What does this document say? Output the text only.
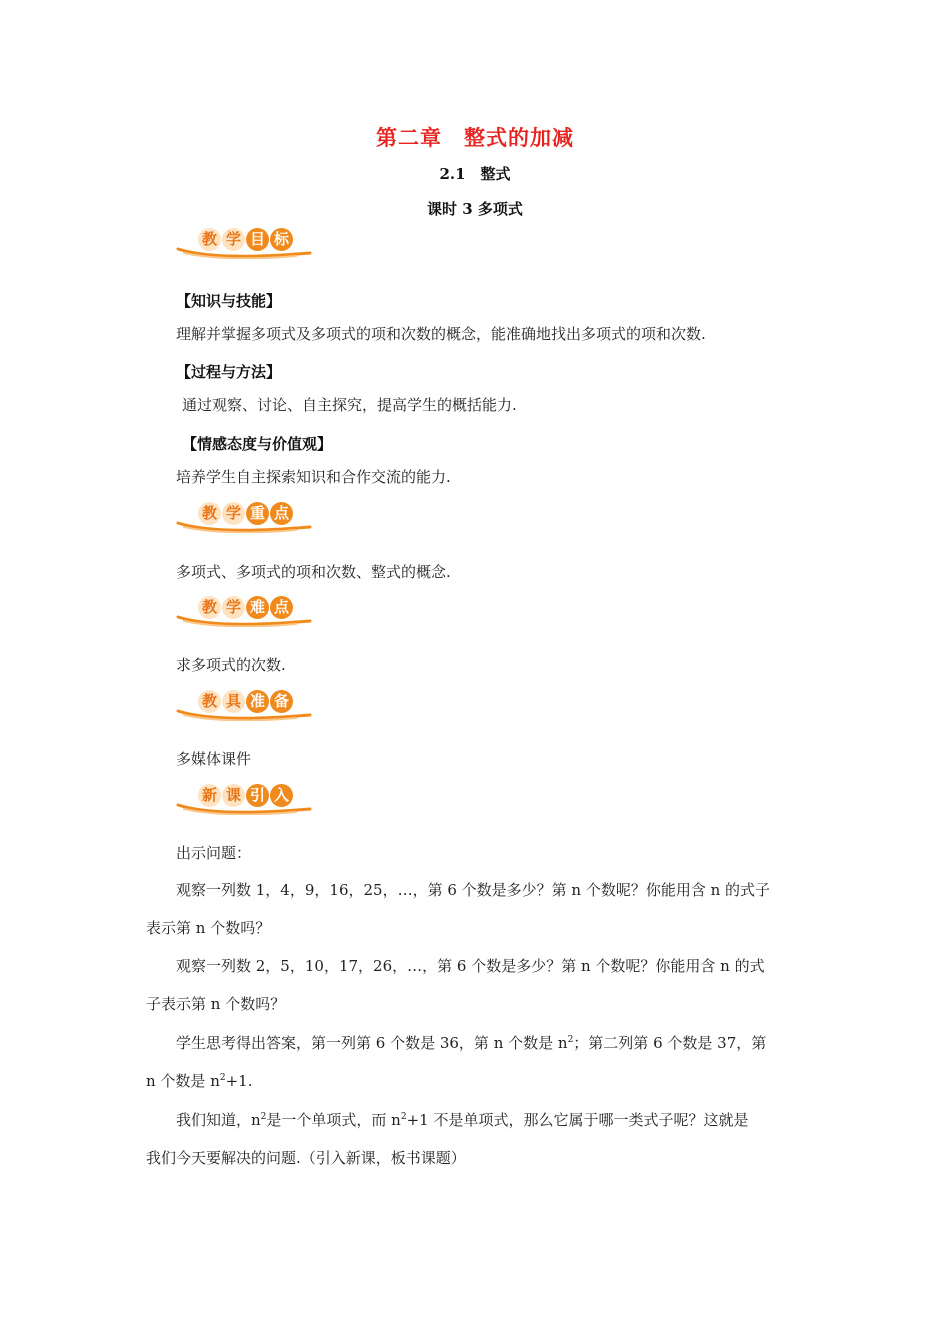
第二章　整式的加减
2.1　整式
课时 3 多项式
教 学 目 标
【知识与技能】
理解并掌握多项式及多项式的项和次数的概念，能准确地找出多项式的项和次数.
【过程与方法】
通过观察、讨论、自主探究，提高学生的概括能力.
【情感态度与价值观】
培养学生自主探索知识和合作交流的能力.
教 学 重 点
多项式、多项式的项和次数、整式的概念.
教 学 难 点
求多项式的次数.
教 具 准 备
多媒体课件
新 课 引 入
出示问题：
观察一列数 1，4，9，16，25，…，第 6 个数是多少？第 n 个数呢？你能用含 n 的式子
表示第 n 个数吗？
观察一列数 2，5，10，17，26，…，第 6 个数是多少？第 n 个数呢？你能用含 n 的式
子表示第 n 个数吗？
学生思考得出答案，第一列第 6 个数是 36，第 n 个数是 $n^2$；第二列第 6 个数是 37，第
n 个数是 $n^2+1$.
我们知道，$n^2$是一个单项式，而 $n^2+1$ 不是单项式，那么它属于哪一类式子呢？这就是
我们今天要解决的问题.（引入新课，板书课题）
